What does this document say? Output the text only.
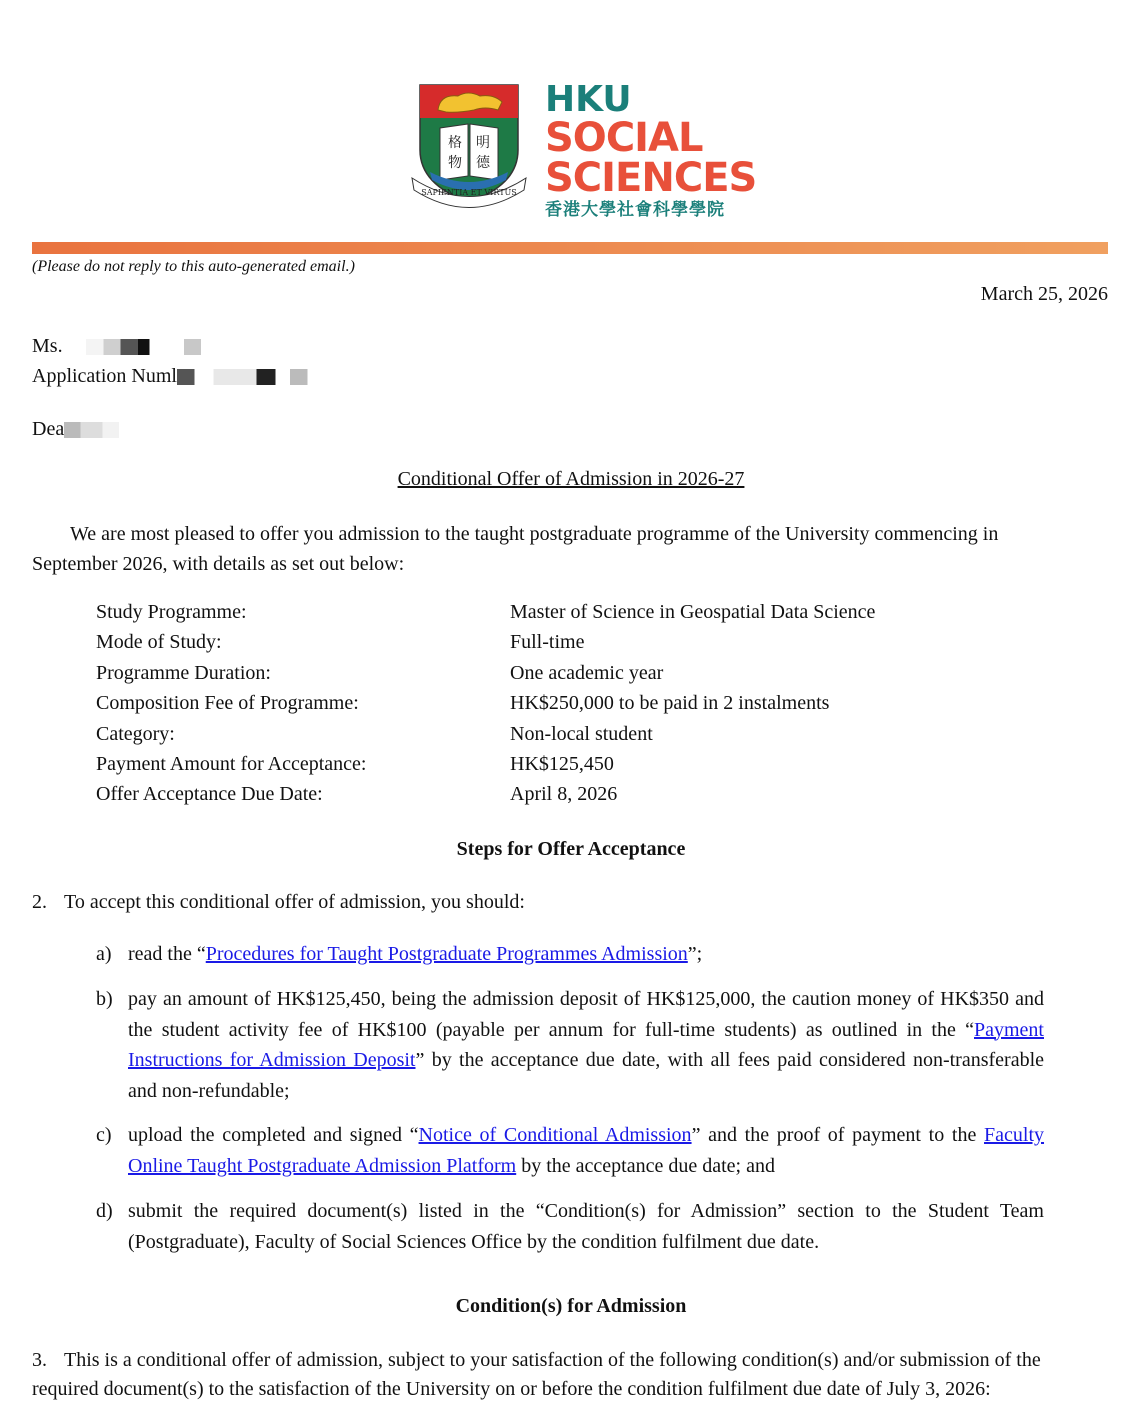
格 明
物 德
SAPIENTIA ET VIRTUS
HKU
SOCIAL
SCIENCES
香港大學社會科學學院
(Please do not reply to this auto-generated email.)
March 25, 2026
Ms.
Application Numl
Dea
Conditional Offer of Admission in 2026-27
We are most pleased to offer you admission to the taught postgraduate programme of the University commencing in September 2026, with details as set out below:
Study Programme:	Master of Science in Geospatial Data Science
Mode of Study:	Full-time
Programme Duration:	One academic year
Composition Fee of Programme:	HK$250,000 to be paid in 2 instalments
Category:	Non-local student
Payment Amount for Acceptance:	HK$125,450
Offer Acceptance Due Date:	April 8, 2026
Steps for Offer Acceptance
2. To accept this conditional offer of admission, you should:
a) read the “Procedures for Taught Postgraduate Programmes Admission”;
b) pay an amount of HK$125,450, being the admission deposit of HK$125,000, the caution money of HK$350 and the student activity fee of HK$100 (payable per annum for full-time students) as outlined in the “Payment Instructions for Admission Deposit” by the acceptance due date, with all fees paid considered non-transferable and non-refundable;
c) upload the completed and signed “Notice of Conditional Admission” and the proof of payment to the Faculty Online Taught Postgraduate Admission Platform by the acceptance due date; and
d) submit the required document(s) listed in the “Condition(s) for Admission” section to the Student Team (Postgraduate), Faculty of Social Sciences Office by the condition fulfilment due date.
Condition(s) for Admission
3. This is a conditional offer of admission, subject to your satisfaction of the following condition(s) and/or submission of the
required document(s) to the satisfaction of the University on or before the condition fulfilment due date of July 3, 2026:
